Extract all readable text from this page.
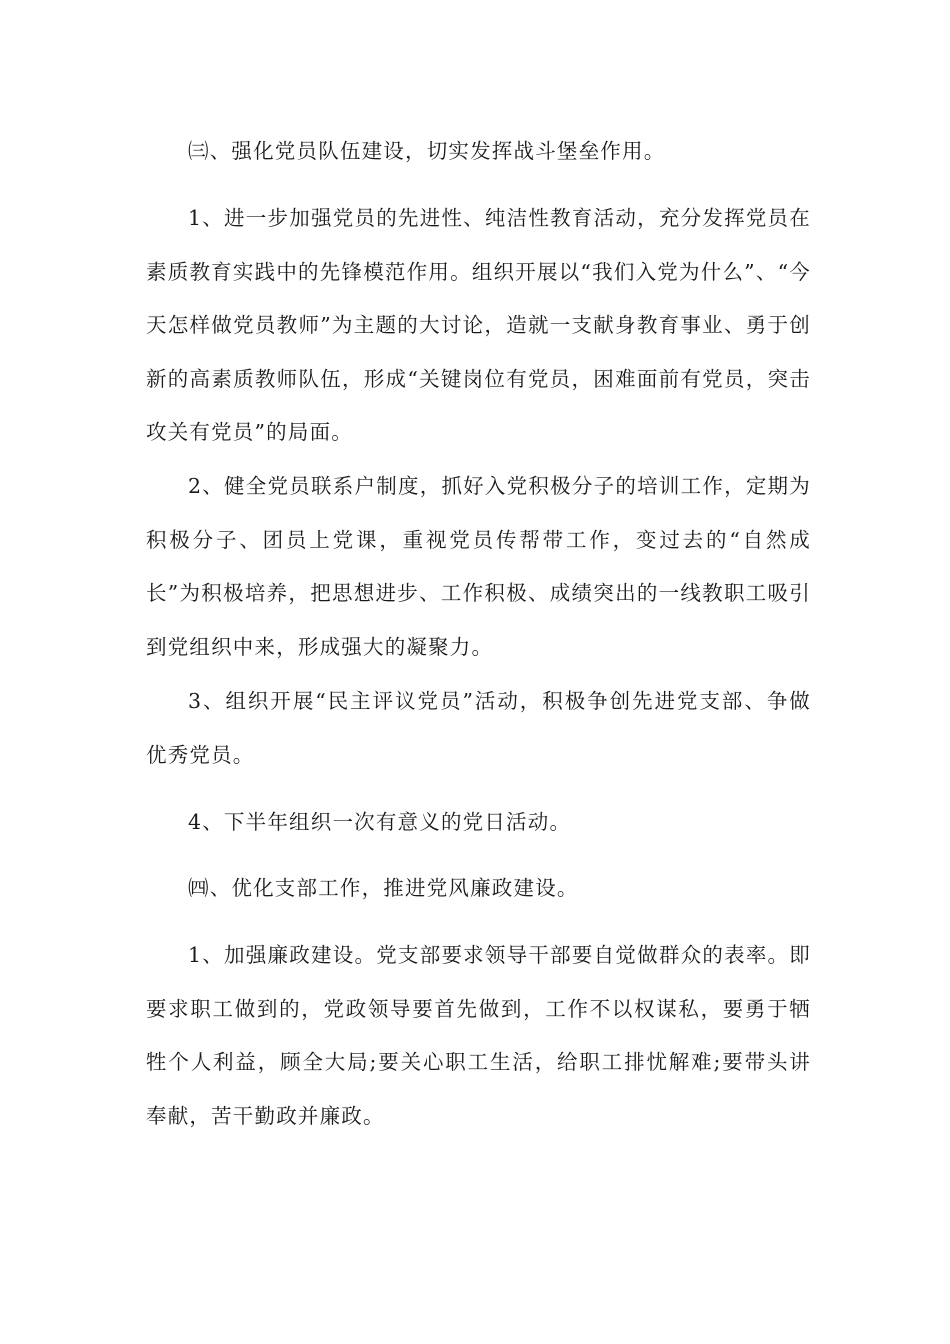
㈢、强化党员队伍建设，切实发挥战斗堡垒作用。

1、进一步加强党员的先进性、纯洁性教育活动，充分发挥党员在素质教育实践中的先锋模范作用。组织开展以“我们入党为什么”、“今天怎样做党员教师”为主题的大讨论，造就一支献身教育事业、勇于创新的高素质教师队伍，形成“关键岗位有党员，困难面前有党员，突击攻关有党员”的局面。

2、健全党员联系户制度，抓好入党积极分子的培训工作，定期为积极分子、团员上党课，重视党员传帮带工作，变过去的“自然成长”为积极培养，把思想进步、工作积极、成绩突出的一线教职工吸引到党组织中来，形成强大的凝聚力。

3、组织开展“民主评议党员”活动，积极争创先进党支部、争做优秀党员。

4、下半年组织一次有意义的党日活动。

㈣、优化支部工作，推进党风廉政建设。

1、加强廉政建设。党支部要求领导干部要自觉做群众的表率。即要求职工做到的，党政领导要首先做到，工作不以权谋私，要勇于牺牲个人利益，顾全大局;要关心职工生活，给职工排忧解难;要带头讲奉献，苦干勤政并廉政。
